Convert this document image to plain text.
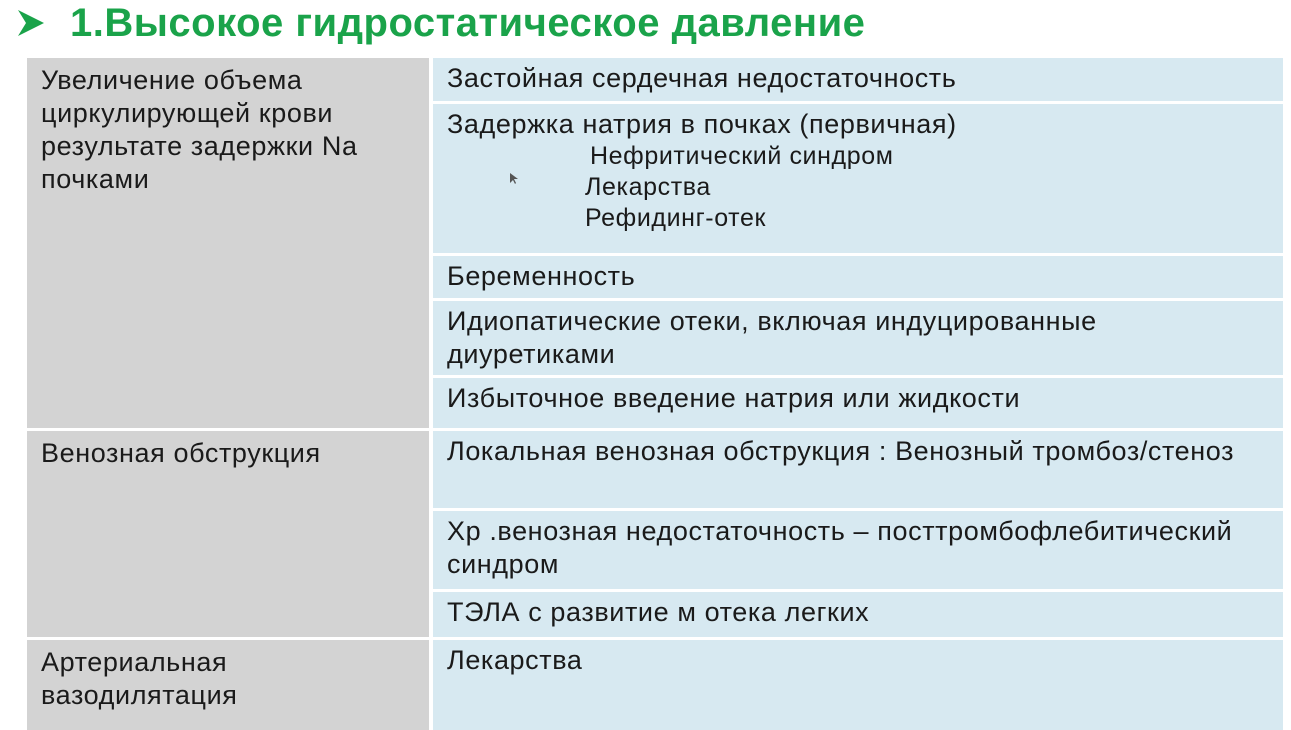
1.Высокое гидростатическое давление
Увеличение объема циркулирующей крови результате задержки Na почками	Застойная сердечная недостаточность

	Задержка натрия в почках (первичная)
Нефритический синдром
Лекарства
Рефидинг-отек

	Беременность
	Идиопатические отеки, включая индуцированные диуретиками
	Избыточное введение натрия или жидкости
Венозная обструкция	Локальная венозная обструкция : Венозный тромбоз/стеноз
	Хр .венозная недостаточность – посттромбофлебитический синдром
	ТЭЛА с развитие м отека легких
Артериальная вазодилятация	Лекарства
